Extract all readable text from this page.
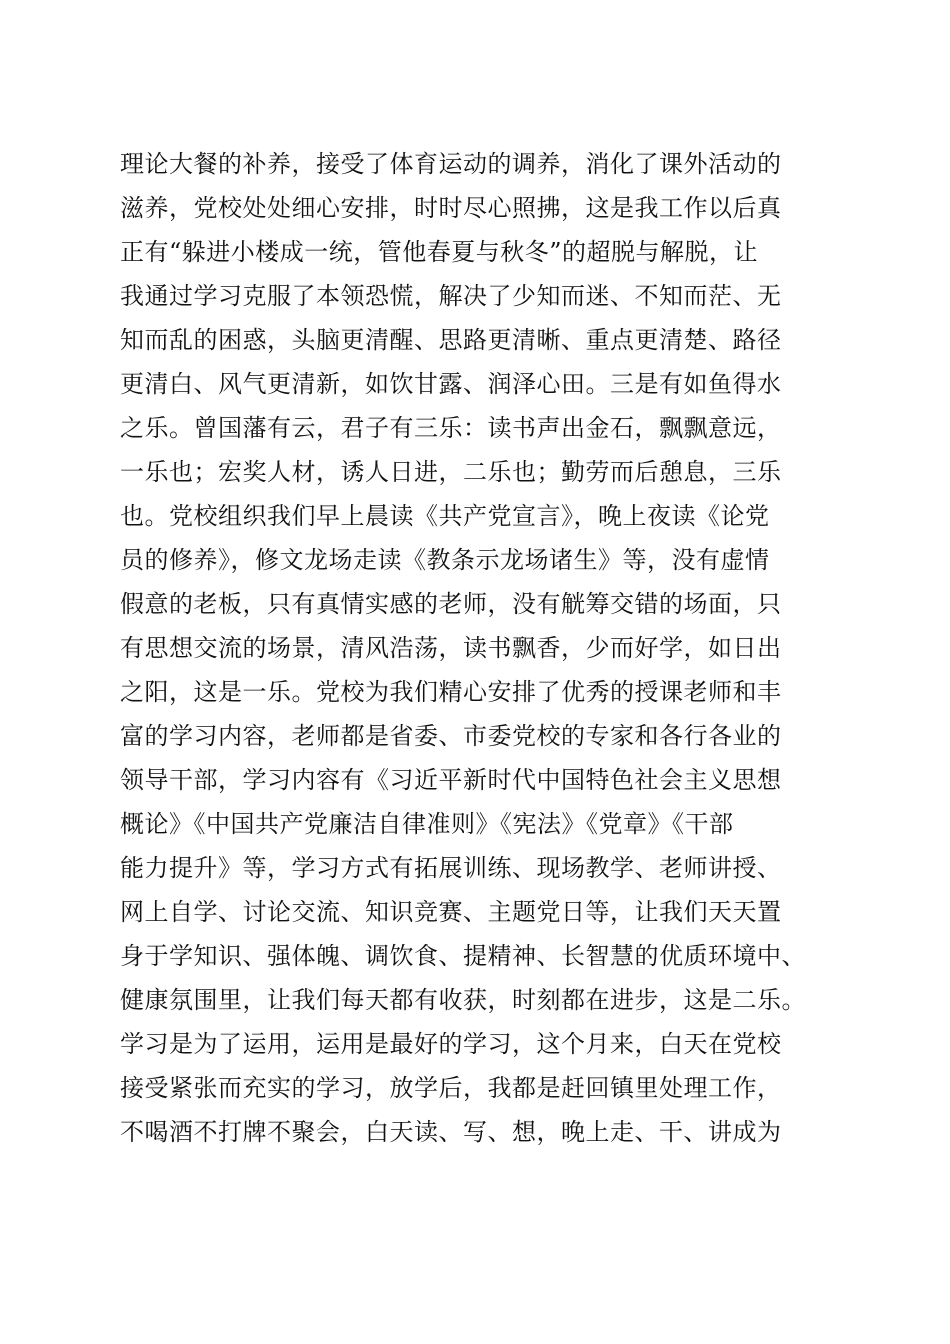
理论大餐的补养，接受了体育运动的调养，消化了课外活动的
滋养，党校处处细心安排，时时尽心照拂，这是我工作以后真
正有“躲进小楼成一统，管他春夏与秋冬”的超脱与解脱，让
我通过学习克服了本领恐慌，解决了少知而迷、不知而茫、无
知而乱的困惑，头脑更清醒、思路更清晰、重点更清楚、路径
更清白、风气更清新，如饮甘露、润泽心田。三是有如鱼得水
之乐。曾国藩有云，君子有三乐：读书声出金石，飘飘意远，
一乐也；宏奖人材，诱人日进，二乐也；勤劳而后憩息，三乐
也。党校组织我们早上晨读《共产党宣言》，晚上夜读《论党
员的修养》，修文龙场走读《教条示龙场诸生》等，没有虚情
假意的老板，只有真情实感的老师，没有觥筹交错的场面，只
有思想交流的场景，清风浩荡，读书飘香，少而好学，如日出
之阳，这是一乐。党校为我们精心安排了优秀的授课老师和丰
富的学习内容，老师都是省委、市委党校的专家和各行各业的
领导干部，学习内容有《习近平新时代中国特色社会主义思想
概论》《中国共产党廉洁自律准则》《宪法》《党章》《干部
能力提升》等，学习方式有拓展训练、现场教学、老师讲授、
网上自学、讨论交流、知识竞赛、主题党日等，让我们天天置
身于学知识、强体魄、调饮食、提精神、长智慧的优质环境中、
健康氛围里，让我们每天都有收获，时刻都在进步，这是二乐。
学习是为了运用，运用是最好的学习，这个月来，白天在党校
接受紧张而充实的学习，放学后，我都是赶回镇里处理工作，
不喝酒不打牌不聚会，白天读、写、想，晚上走、干、讲成为
